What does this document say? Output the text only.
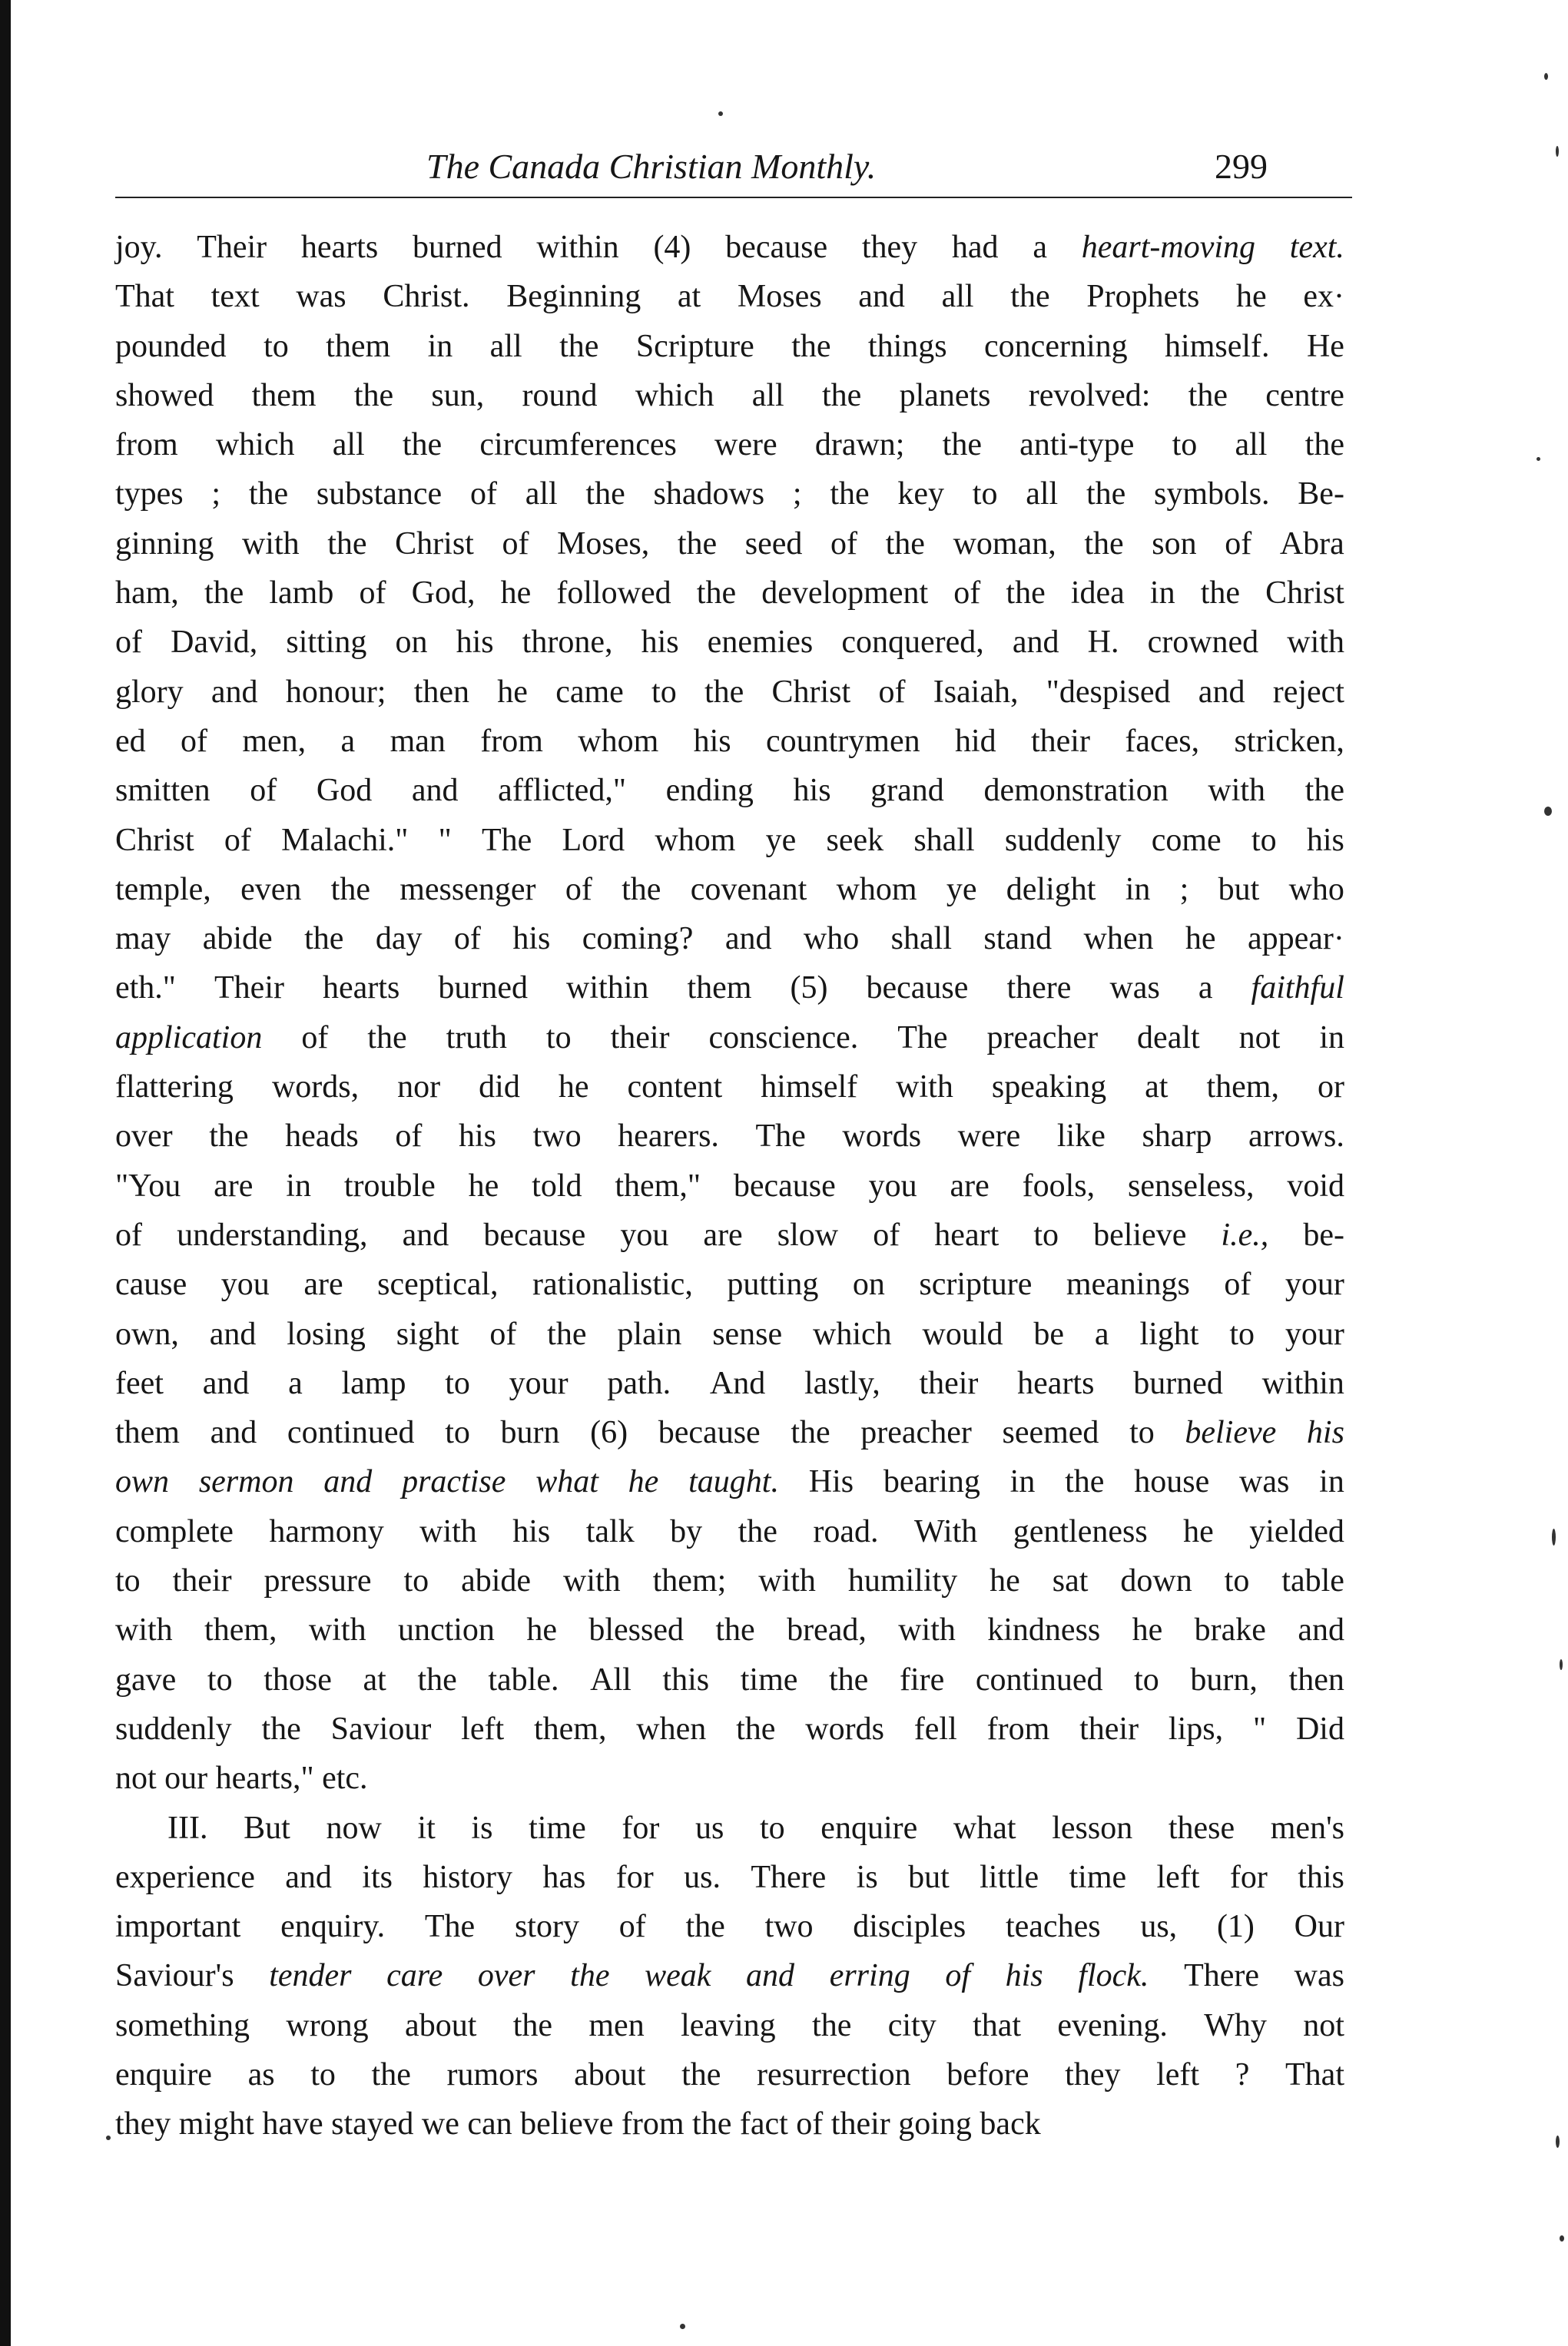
The Canada Christian Monthly.	299
joy. Their hearts burned within (4) because they had a heart-moving text.
That text was Christ. Beginning at Moses and all the Prophets he ex·
pounded to them in all the Scripture the things concerning himself. He
showed them the sun, round which all the planets revolved: the centre
from which all the circumferences were drawn; the anti-type to all the
types ; the substance of all the shadows ; the key to all the symbols. Be-
ginning with the Christ of Moses, the seed of the woman, the son of Abra
ham, the lamb of God, he followed the development of the idea in the Christ
of David, sitting on his throne, his enemies conquered, and H. crowned with
glory and honour; then he came to the Christ of Isaiah, "despised and reject
ed of men, a man from whom his countrymen hid their faces, stricken,
smitten of God and afflicted," ending his grand demonstration with the
Christ of Malachi." " The Lord whom ye seek shall suddenly come to his
temple, even the messenger of the covenant whom ye delight in ; but who
may abide the day of his coming? and who shall stand when he appear·
eth." Their hearts burned within them (5) because there was a faithful
application of the truth to their conscience. The preacher dealt not in
flattering words, nor did he content himself with speaking at them, or
over the heads of his two hearers. The words were like sharp arrows.
"You are in trouble he told them," because you are fools, senseless, void
of understanding, and because you are slow of heart to believe i.e., be-
cause you are sceptical, rationalistic, putting on scripture meanings of your
own, and losing sight of the plain sense which would be a light to your
feet and a lamp to your path. And lastly, their hearts burned within
them and continued to burn (6) because the preacher seemed to believe his
own sermon and practise what he taught. His bearing in the house was in
complete harmony with his talk by the road. With gentleness he yielded
to their pressure to abide with them; with humility he sat down to table
with them, with unction he blessed the bread, with kindness he brake and
gave to those at the table. All this time the fire continued to burn, then
suddenly the Saviour left them, when the words fell from their lips, " Did
not our hearts," etc.
III. But now it is time for us to enquire what lesson these men's
experience and its history has for us. There is but little time left for this
important enquiry. The story of the two disciples teaches us, (1) Our
Saviour's tender care over the weak and erring of his flock. There was
something wrong about the men leaving the city that evening. Why not
enquire as to the rumors about the resurrection before they left ? That
they might have stayed we can believe from the fact of their going back
